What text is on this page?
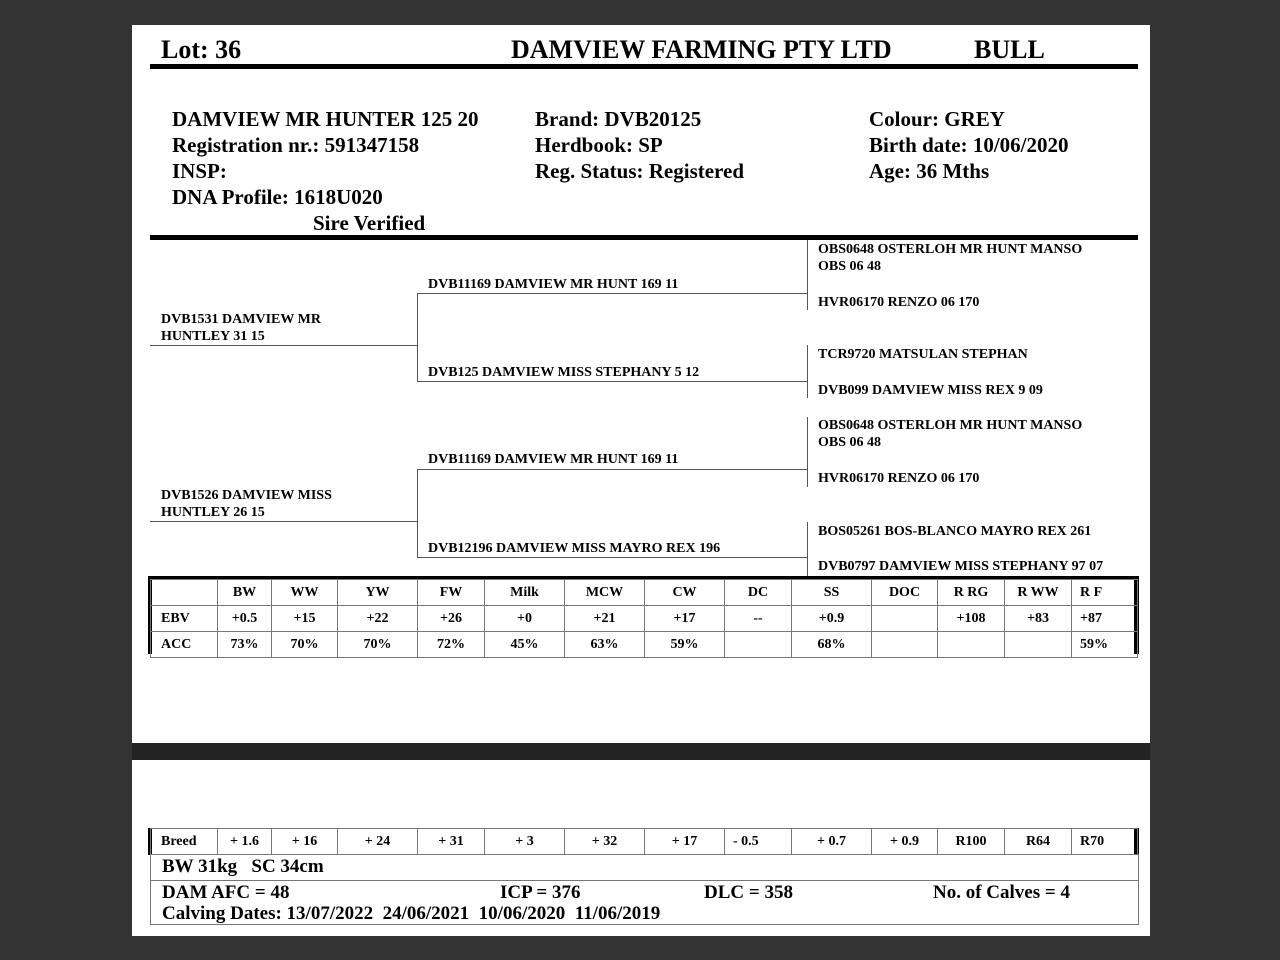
Lot: 36	DAMVIEW FARMING PTY LTD	BULL
DAMVIEW MR HUNTER 125 20
Registration nr.: 591347158
INSP:
DNA Profile: 1618U020
Sire Verified
Brand: DVB20125
Herdbook: SP
Reg. Status: Registered
Colour: GREY
Birth date: 10/06/2020
Age: 36 Mths
DVB1531 DAMVIEW MR
HUNTLEY 31 15
DVB11169 DAMVIEW MR HUNT 169 11
DVB125 DAMVIEW MISS STEPHANY 5 12
OBS0648 OSTERLOH MR HUNT MANSO
OBS 06 48
HVR06170 RENZO 06 170
TCR9720 MATSULAN STEPHAN
DVB099 DAMVIEW MISS REX 9 09
DVB1526 DAMVIEW MISS
HUNTLEY 26 15
DVB11169 DAMVIEW MR HUNT 169 11
DVB12196 DAMVIEW MISS MAYRO REX 196
OBS0648 OSTERLOH MR HUNT MANSO
OBS 06 48
HVR06170 RENZO 06 170
BOS05261 BOS-BLANCO MAYRO REX 261
DVB0797 DAMVIEW MISS STEPHANY 97 07
	BW	WW	YW	FW	Milk	MCW	CW	DC	SS	DOC	R RG	R WW	R F
EBV	+0.5	+15	+22	+26	+0	+21	+17	--	+0.9		+108	+83	+87
ACC	73%	70%	70%	72%	45%	63%	59%		68%				59%
Breed	+ 1.6	+ 16	+ 24	+ 31	+ 3	+ 32	+ 17	- 0.5	+ 0.7	+ 0.9	R100	R64	R70
BW 31kg   SC 34cm
DAM AFC = 48	ICP = 376	DLC = 358	No. of Calves = 4
Calving Dates: 13/07/2022  24/06/2021  10/06/2020  11/06/2019
